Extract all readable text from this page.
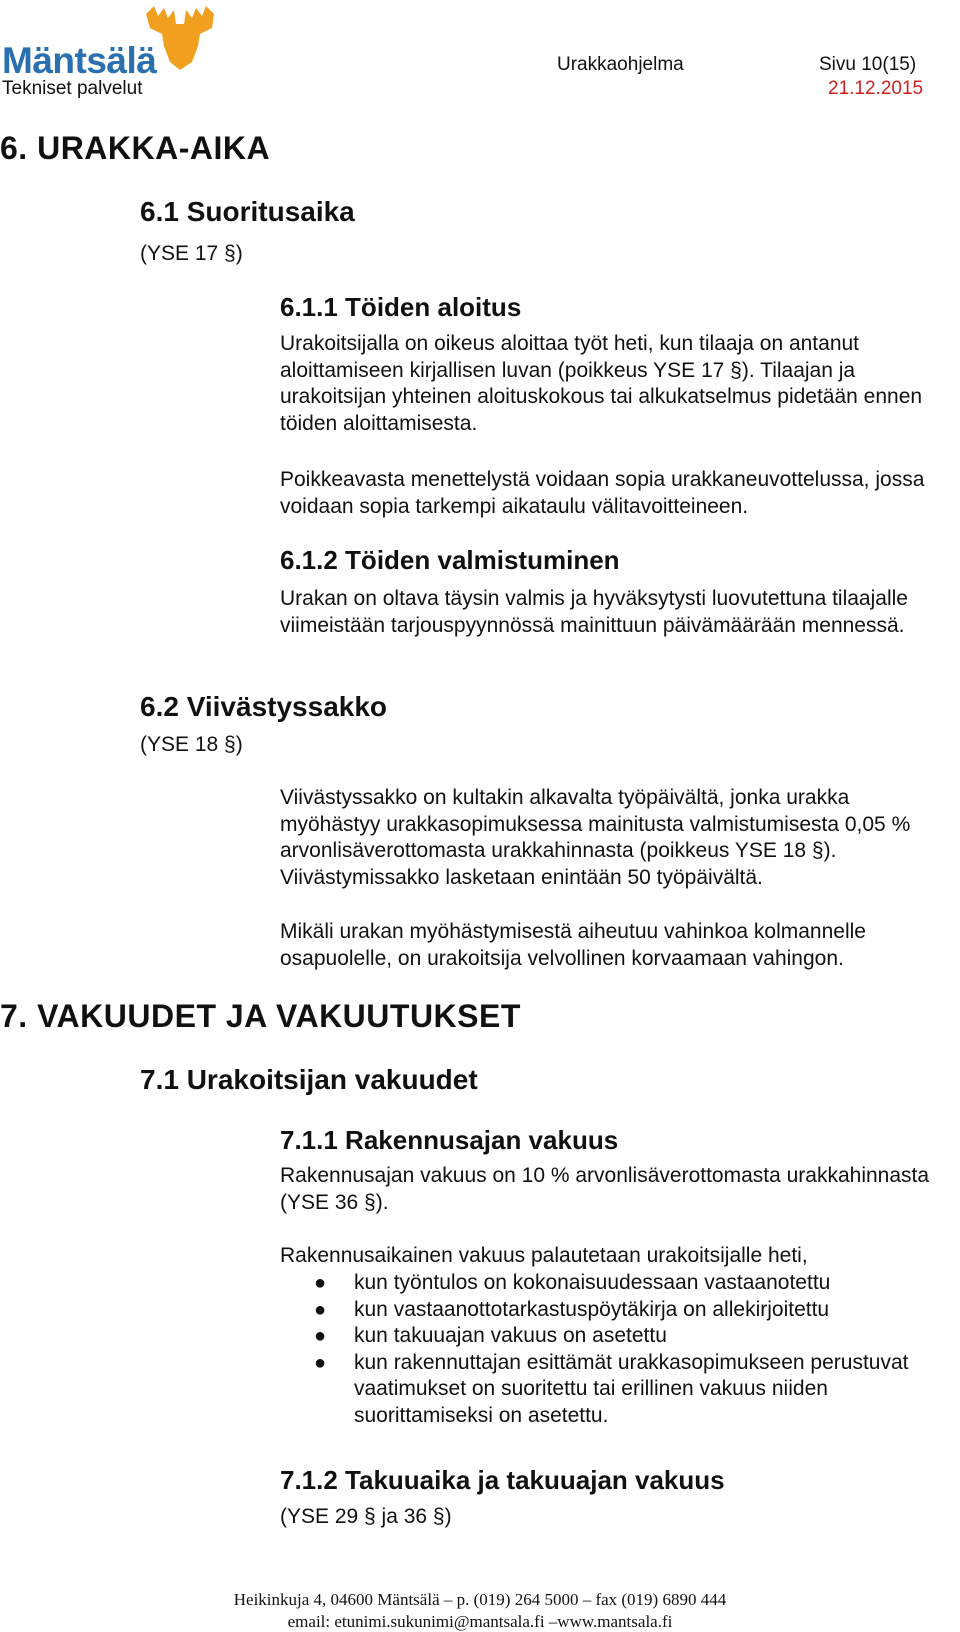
Mäntsälä
Tekniset palvelut
Urakkaohjelma	Sivu 10(15)
21.12.2015
6. URAKKA-AIKA
6.1 Suoritusaika
(YSE 17 §)
6.1.1 Töiden aloitus
Urakoitsijalla on oikeus aloittaa työt heti, kun tilaaja on antanut aloittamiseen kirjallisen luvan (poikkeus YSE 17 §). Tilaajan ja urakoitsijan yhteinen aloituskokous tai alkukatselmus pidetään ennen töiden aloittamisesta.
Poikkeavasta menettelystä voidaan sopia urakkaneuvottelussa, jossa voidaan sopia tarkempi aikataulu välitavoitteineen.
6.1.2 Töiden valmistuminen
Urakan on oltava täysin valmis ja hyväksytysti luovutettuna tilaajalle viimeistään tarjouspyynnössä mainittuun päivämäärään mennessä.
6.2 Viivästyssakko
(YSE 18 §)
Viivästyssakko on kultakin alkavalta työpäivältä, jonka urakka myöhästyy urakkasopimuksessa mainitusta valmistumisesta 0,05 % arvonlisäverottomasta urakkahinnasta (poikkeus YSE 18 §). Viivästymissakko lasketaan enintään 50 työpäivältä.
Mikäli urakan myöhästymisestä aiheutuu vahinkoa kolmannelle osapuolelle, on urakoitsija velvollinen korvaamaan vahingon.
7. VAKUUDET JA VAKUUTUKSET
7.1 Urakoitsijan vakuudet
7.1.1 Rakennusajan vakuus
Rakennusajan vakuus on 10 % arvonlisäverottomasta urakkahinnasta (YSE 36 §).
Rakennusaikainen vakuus palautetaan urakoitsijalle heti,
● kun työntulos on kokonaisuudessaan vastaanotettu
● kun vastaanottotarkastuspöytäkirja on allekirjoitettu
● kun takuuajan vakuus on asetettu
● kun rakennuttajan esittämät urakkasopimukseen perustuvat vaatimukset on suoritettu tai erillinen vakuus niiden suorittamiseksi on asetettu.
7.1.2 Takuuaika ja takuuajan vakuus
(YSE 29 § ja 36 §)
Heikinkuja 4, 04600 Mäntsälä – p. (019) 264 5000 – fax (019) 6890 444
email: etunimi.sukunimi@mantsala.fi –www.mantsala.fi
